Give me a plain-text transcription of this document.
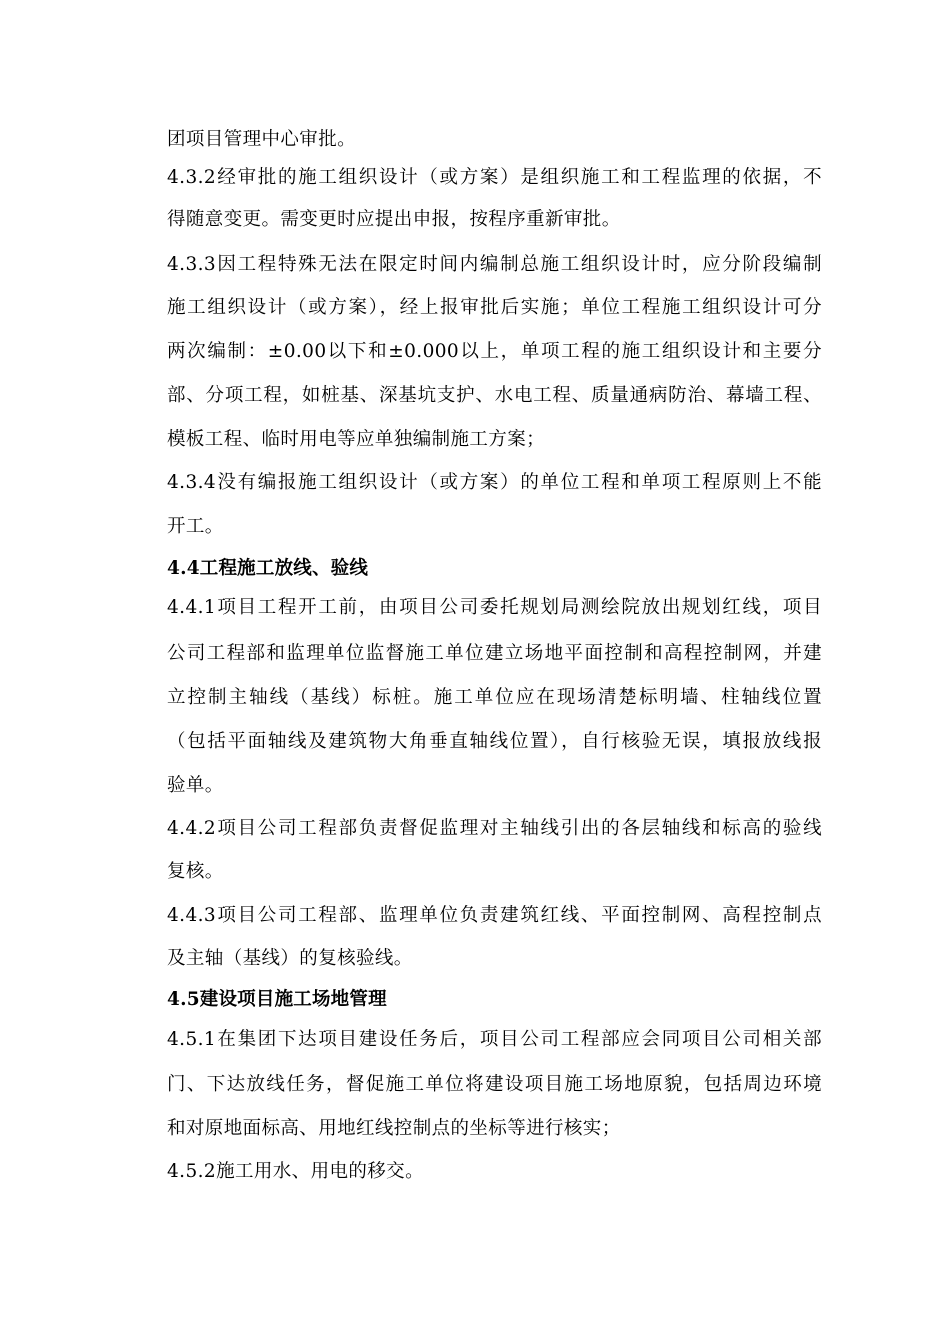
团项目管理中心审批。
4.3.2经审批的施工组织设计（或方案）是组织施工和工程监理的依据，不
得随意变更。需变更时应提出申报，按程序重新审批。
4.3.3因工程特殊无法在限定时间内编制总施工组织设计时，应分阶段编制
施工组织设计（或方案），经上报审批后实施；单位工程施工组织设计可分
两次编制：±0.00以下和±0.000以上，单项工程的施工组织设计和主要分
部、分项工程，如桩基、深基坑支护、水电工程、质量通病防治、幕墙工程、
模板工程、临时用电等应单独编制施工方案；
4.3.4没有编报施工组织设计（或方案）的单位工程和单项工程原则上不能
开工。
4.4工程施工放线、验线
4.4.1项目工程开工前，由项目公司委托规划局测绘院放出规划红线，项目
公司工程部和监理单位监督施工单位建立场地平面控制和高程控制网，并建
立控制主轴线（基线）标桩。施工单位应在现场清楚标明墙、柱轴线位置
（包括平面轴线及建筑物大角垂直轴线位置），自行核验无误，填报放线报
验单。
4.4.2项目公司工程部负责督促监理对主轴线引出的各层轴线和标高的验线
复核。
4.4.3项目公司工程部、监理单位负责建筑红线、平面控制网、高程控制点
及主轴（基线）的复核验线。
4.5建设项目施工场地管理
4.5.1在集团下达项目建设任务后，项目公司工程部应会同项目公司相关部
门、下达放线任务，督促施工单位将建设项目施工场地原貌，包括周边环境
和对原地面标高、用地红线控制点的坐标等进行核实；
4.5.2施工用水、用电的移交。
